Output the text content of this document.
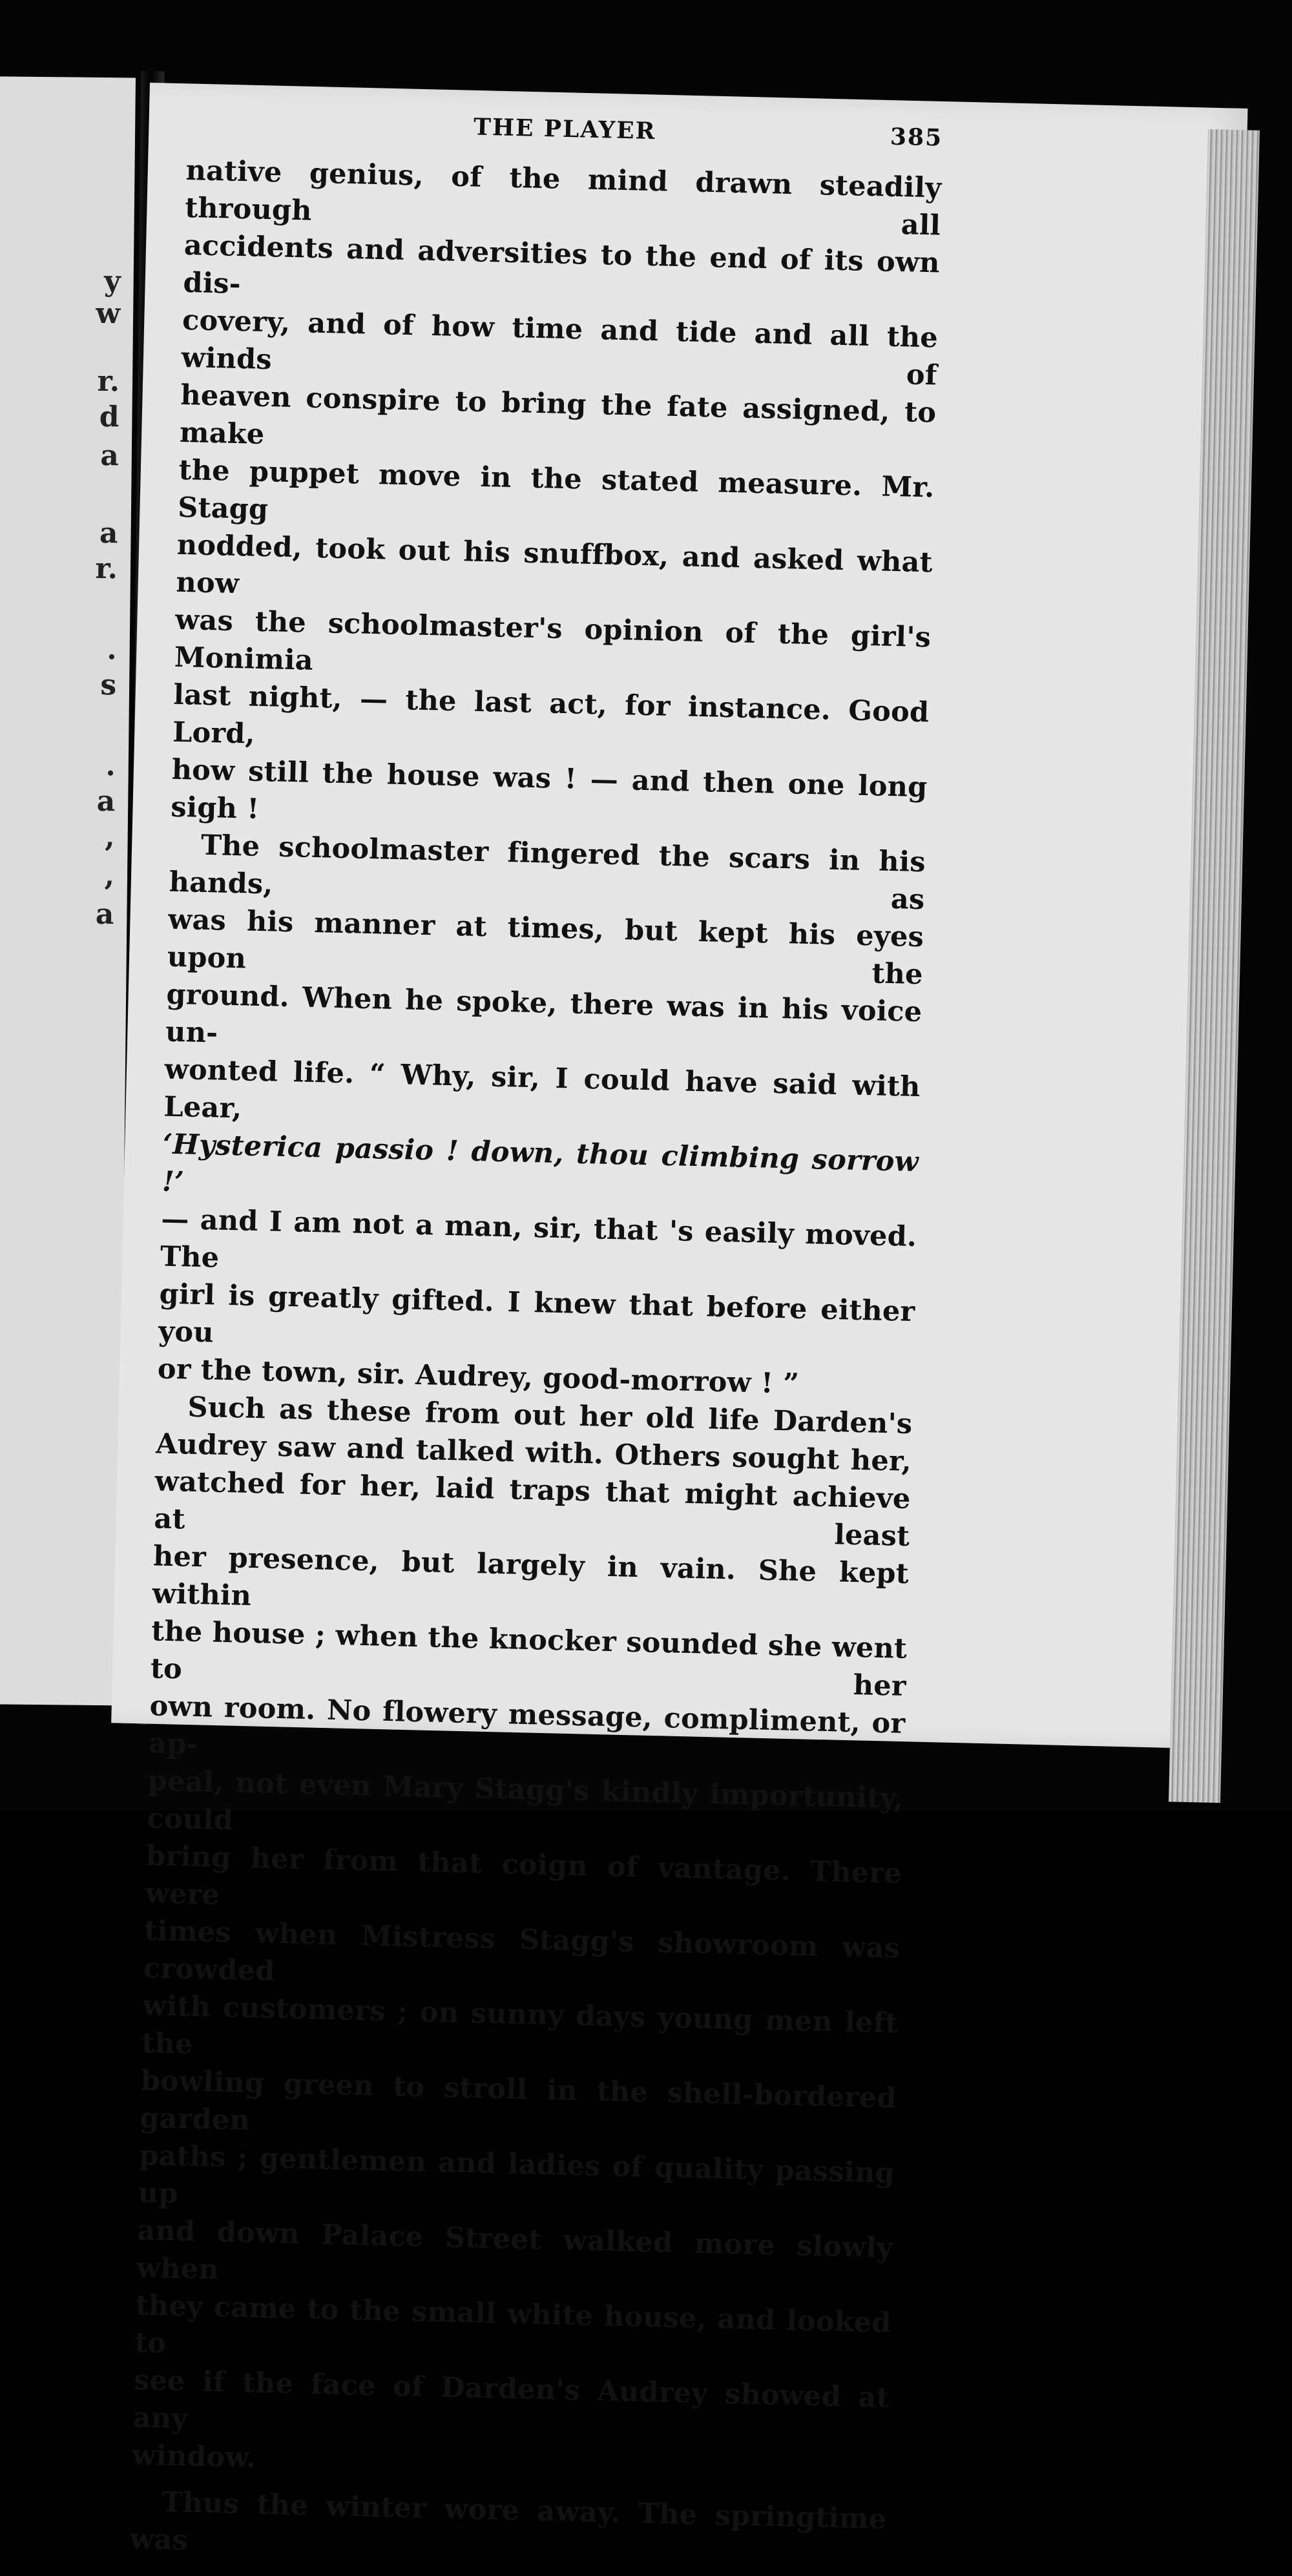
y
w
r.
d
a
a
r.
.
s
.
a
,
,
a
THE PLAYER	385
native genius, of the mind drawn steadily through all
accidents and adversities to the end of its own dis-
covery, and of how time and tide and all the winds of
heaven conspire to bring the fate assigned, to make
the puppet move in the stated measure. Mr. Stagg
nodded, took out his snuffbox, and asked what now
was the schoolmaster's opinion of the girl's Monimia
last night, — the last act, for instance. Good Lord,
how still the house was ! — and then one long sigh !
The schoolmaster fingered the scars in his hands, as
was his manner at times, but kept his eyes upon the
ground. When he spoke, there was in his voice un-
wonted life. “ Why, sir, I could have said with Lear,
‘Hysterica passio ! down, thou climbing sorrow !’
— and I am not a man, sir, that 's easily moved. The
girl is greatly gifted. I knew that before either you
or the town, sir. Audrey, good-morrow ! ”
Such as these from out her old life Darden's
Audrey saw and talked with. Others sought her,
watched for her, laid traps that might achieve at least
her presence, but largely in vain. She kept within
the house ; when the knocker sounded she went to her
own room. No flowery message, compliment, or ap-
peal, not even Mary Stagg's kindly importunity, could
bring her from that coign of vantage. There were
times when Mistress Stagg's showroom was crowded
with customers ; on sunny days young men left the
bowling green to stroll in the shell-bordered garden
paths ; gentlemen and ladies of quality passing up
and down Palace Street walked more slowly when
they came to the small white house, and looked to
see if the face of Darden's Audrey showed at any
window.
Thus the winter wore away. The springtime was
